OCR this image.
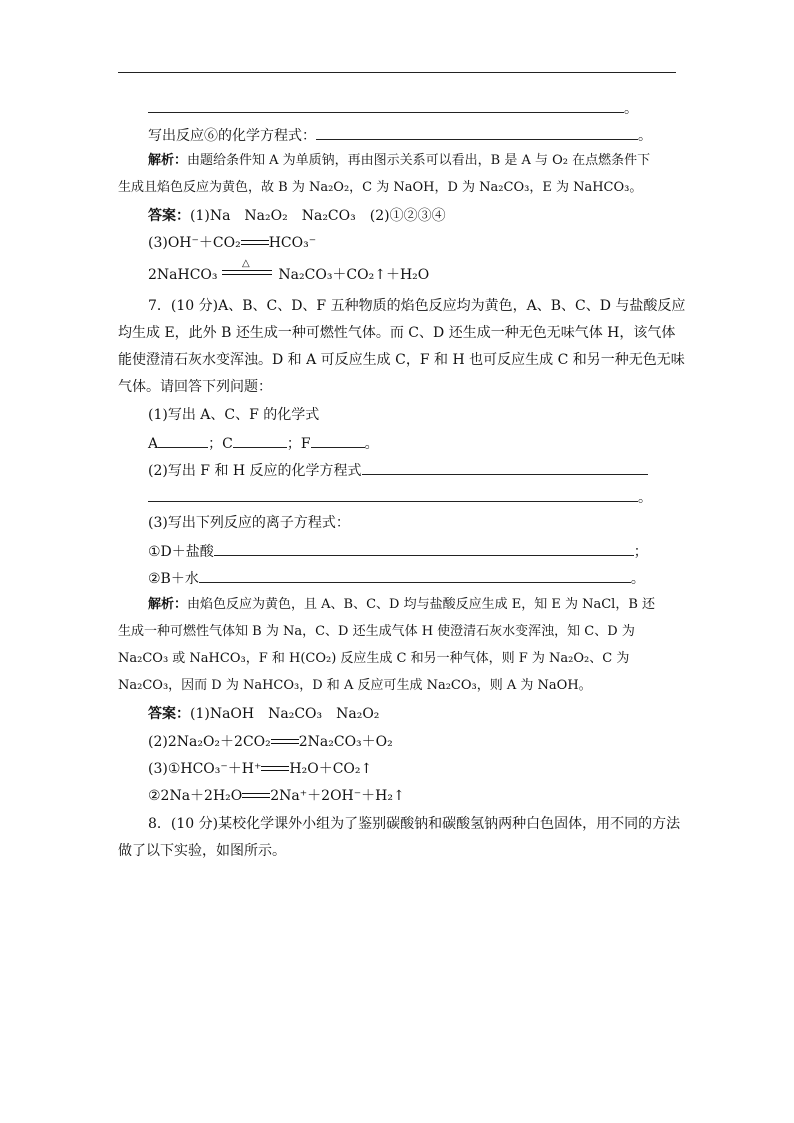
。
写出反应⑥的化学方程式：	。
解析：由题给条件知 A 为单质钠，再由图示关系可以看出，B 是 A 与 O₂ 在点燃条件下
生成且焰色反应为黄色，故 B 为 Na₂O₂，C 为 NaOH，D 为 Na₂CO₃，E 为 NaHCO₃。
答案：(1)Na　Na₂O₂　Na₂CO₃　(2)①②③④
(3)OH⁻＋CO₂ HCO₃⁻
2NaHCO₃
△
Na₂CO₃＋CO₂↑＋H₂O
7．(10 分)A、B、C、D、F 五种物质的焰色反应均为黄色，A、B、C、D 与盐酸反应
均生成 E，此外 B 还生成一种可燃性气体。而 C、D 还生成一种无色无味气体 H，该气体
能使澄清石灰水变浑浊。D 和 A 可反应生成 C，F 和 H 也可反应生成 C 和另一种无色无味
气体。请回答下列问题：
(1)写出 A、C、F 的化学式
A	；C	；F	。
(2)写出 F 和 H 反应的化学方程式
。
(3)写出下列反应的离子方程式：
①D＋盐酸	；
②B＋水	。
解析：由焰色反应为黄色，且 A、B、C、D 均与盐酸反应生成 E，知 E 为 NaCl，B 还
生成一种可燃性气体知 B 为 Na，C、D 还生成气体 H 使澄清石灰水变浑浊，知 C、D 为
Na₂CO₃ 或 NaHCO₃，F 和 H(CO₂) 反应生成 C 和另一种气体，则 F 为 Na₂O₂、C 为
Na₂CO₃，因而 D 为 NaHCO₃，D 和 A 反应可生成 Na₂CO₃，则 A 为 NaOH。
答案：(1)NaOH　Na₂CO₃　Na₂O₂
(2)2Na₂O₂＋2CO₂ 2Na₂CO₃＋O₂
(3)①HCO₃⁻＋H⁺ H₂O＋CO₂↑
②2Na＋2H₂O 2Na⁺＋2OH⁻＋H₂↑
8．(10 分)某校化学课外小组为了鉴别碳酸钠和碳酸氢钠两种白色固体，用不同的方法
做了以下实验，如图所示。
